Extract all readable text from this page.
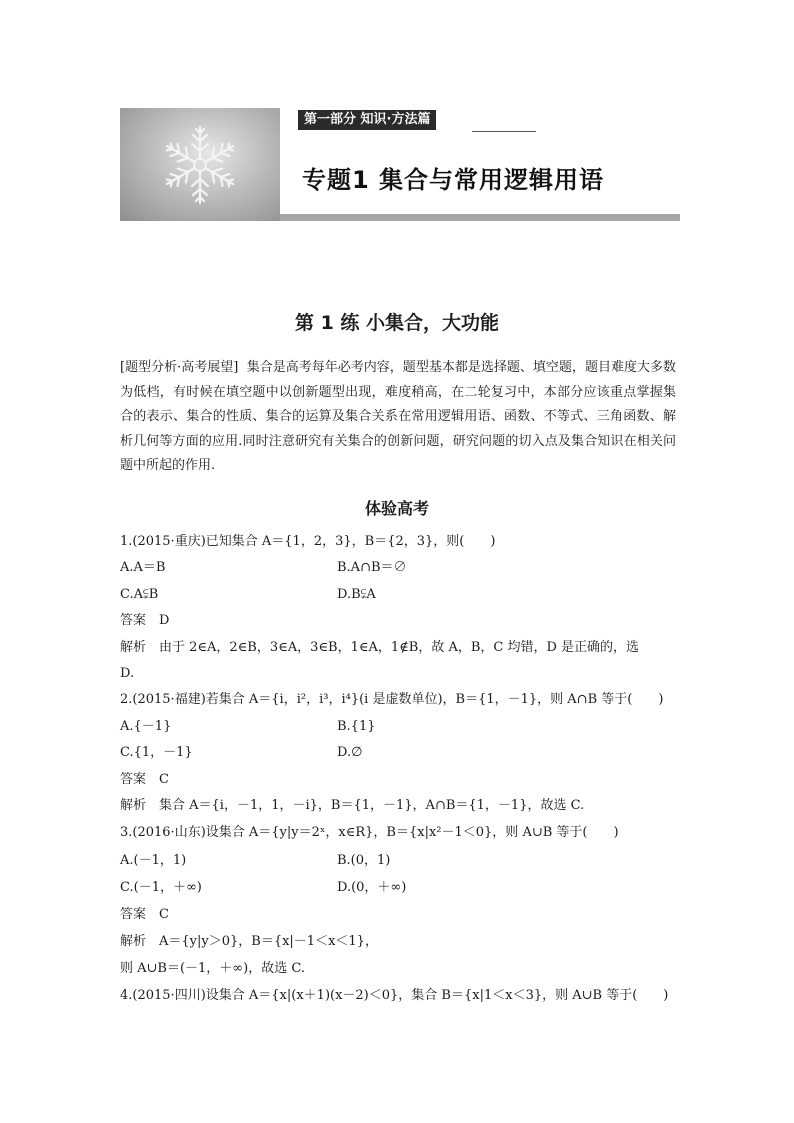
第一部分 知识·方法篇
专题1 集合与常用逻辑用语
第 1 练 小集合，大功能
[题型分析·高考展望] 集合是高考每年必考内容，题型基本都是选择题、填空题，题目难度大多数为低档，有时候在填空题中以创新题型出现，难度稍高，在二轮复习中，本部分应该重点掌握集合的表示、集合的性质、集合的运算及集合关系在常用逻辑用语、函数、不等式、三角函数、解析几何等方面的应用.同时注意研究有关集合的创新问题，研究问题的切入点及集合知识在相关问题中所起的作用.
体验高考
1.(2015·重庆)已知集合 A＝{1，2，3}，B＝{2，3}，则(　　)
A.A＝B	B.A∩B＝∅
C.A⫋B	D.B⫋A
答案　D
解析　由于 2∈A，2∈B，3∈A，3∈B，1∈A，1∉B，故 A，B，C 均错，D 是正确的，选
D.
2.(2015·福建)若集合 A＝{i，i²，i³，i⁴}(i 是虚数单位)，B＝{1，－1}，则 A∩B 等于(　　)
A.{－1}	B.{1}
C.{1，－1}	D.∅
答案　C
解析　集合 A＝{i，－1，1，－i}，B＝{1，－1}，A∩B＝{1，－1}，故选 C.
3.(2016·山东)设集合 A＝{y|y＝2ˣ，x∈R}，B＝{x|x²－1＜0}，则 A∪B 等于(　　)
A.(－1，1)	B.(0，1)
C.(－1，＋∞)	D.(0，＋∞)
答案　C
解析　A＝{y|y＞0}，B＝{x|－1＜x＜1}，
则 A∪B＝(－1，＋∞)，故选 C.
4.(2015·四川)设集合 A＝{x|(x＋1)(x－2)＜0}，集合 B＝{x|1＜x＜3}，则 A∪B 等于(　　)
